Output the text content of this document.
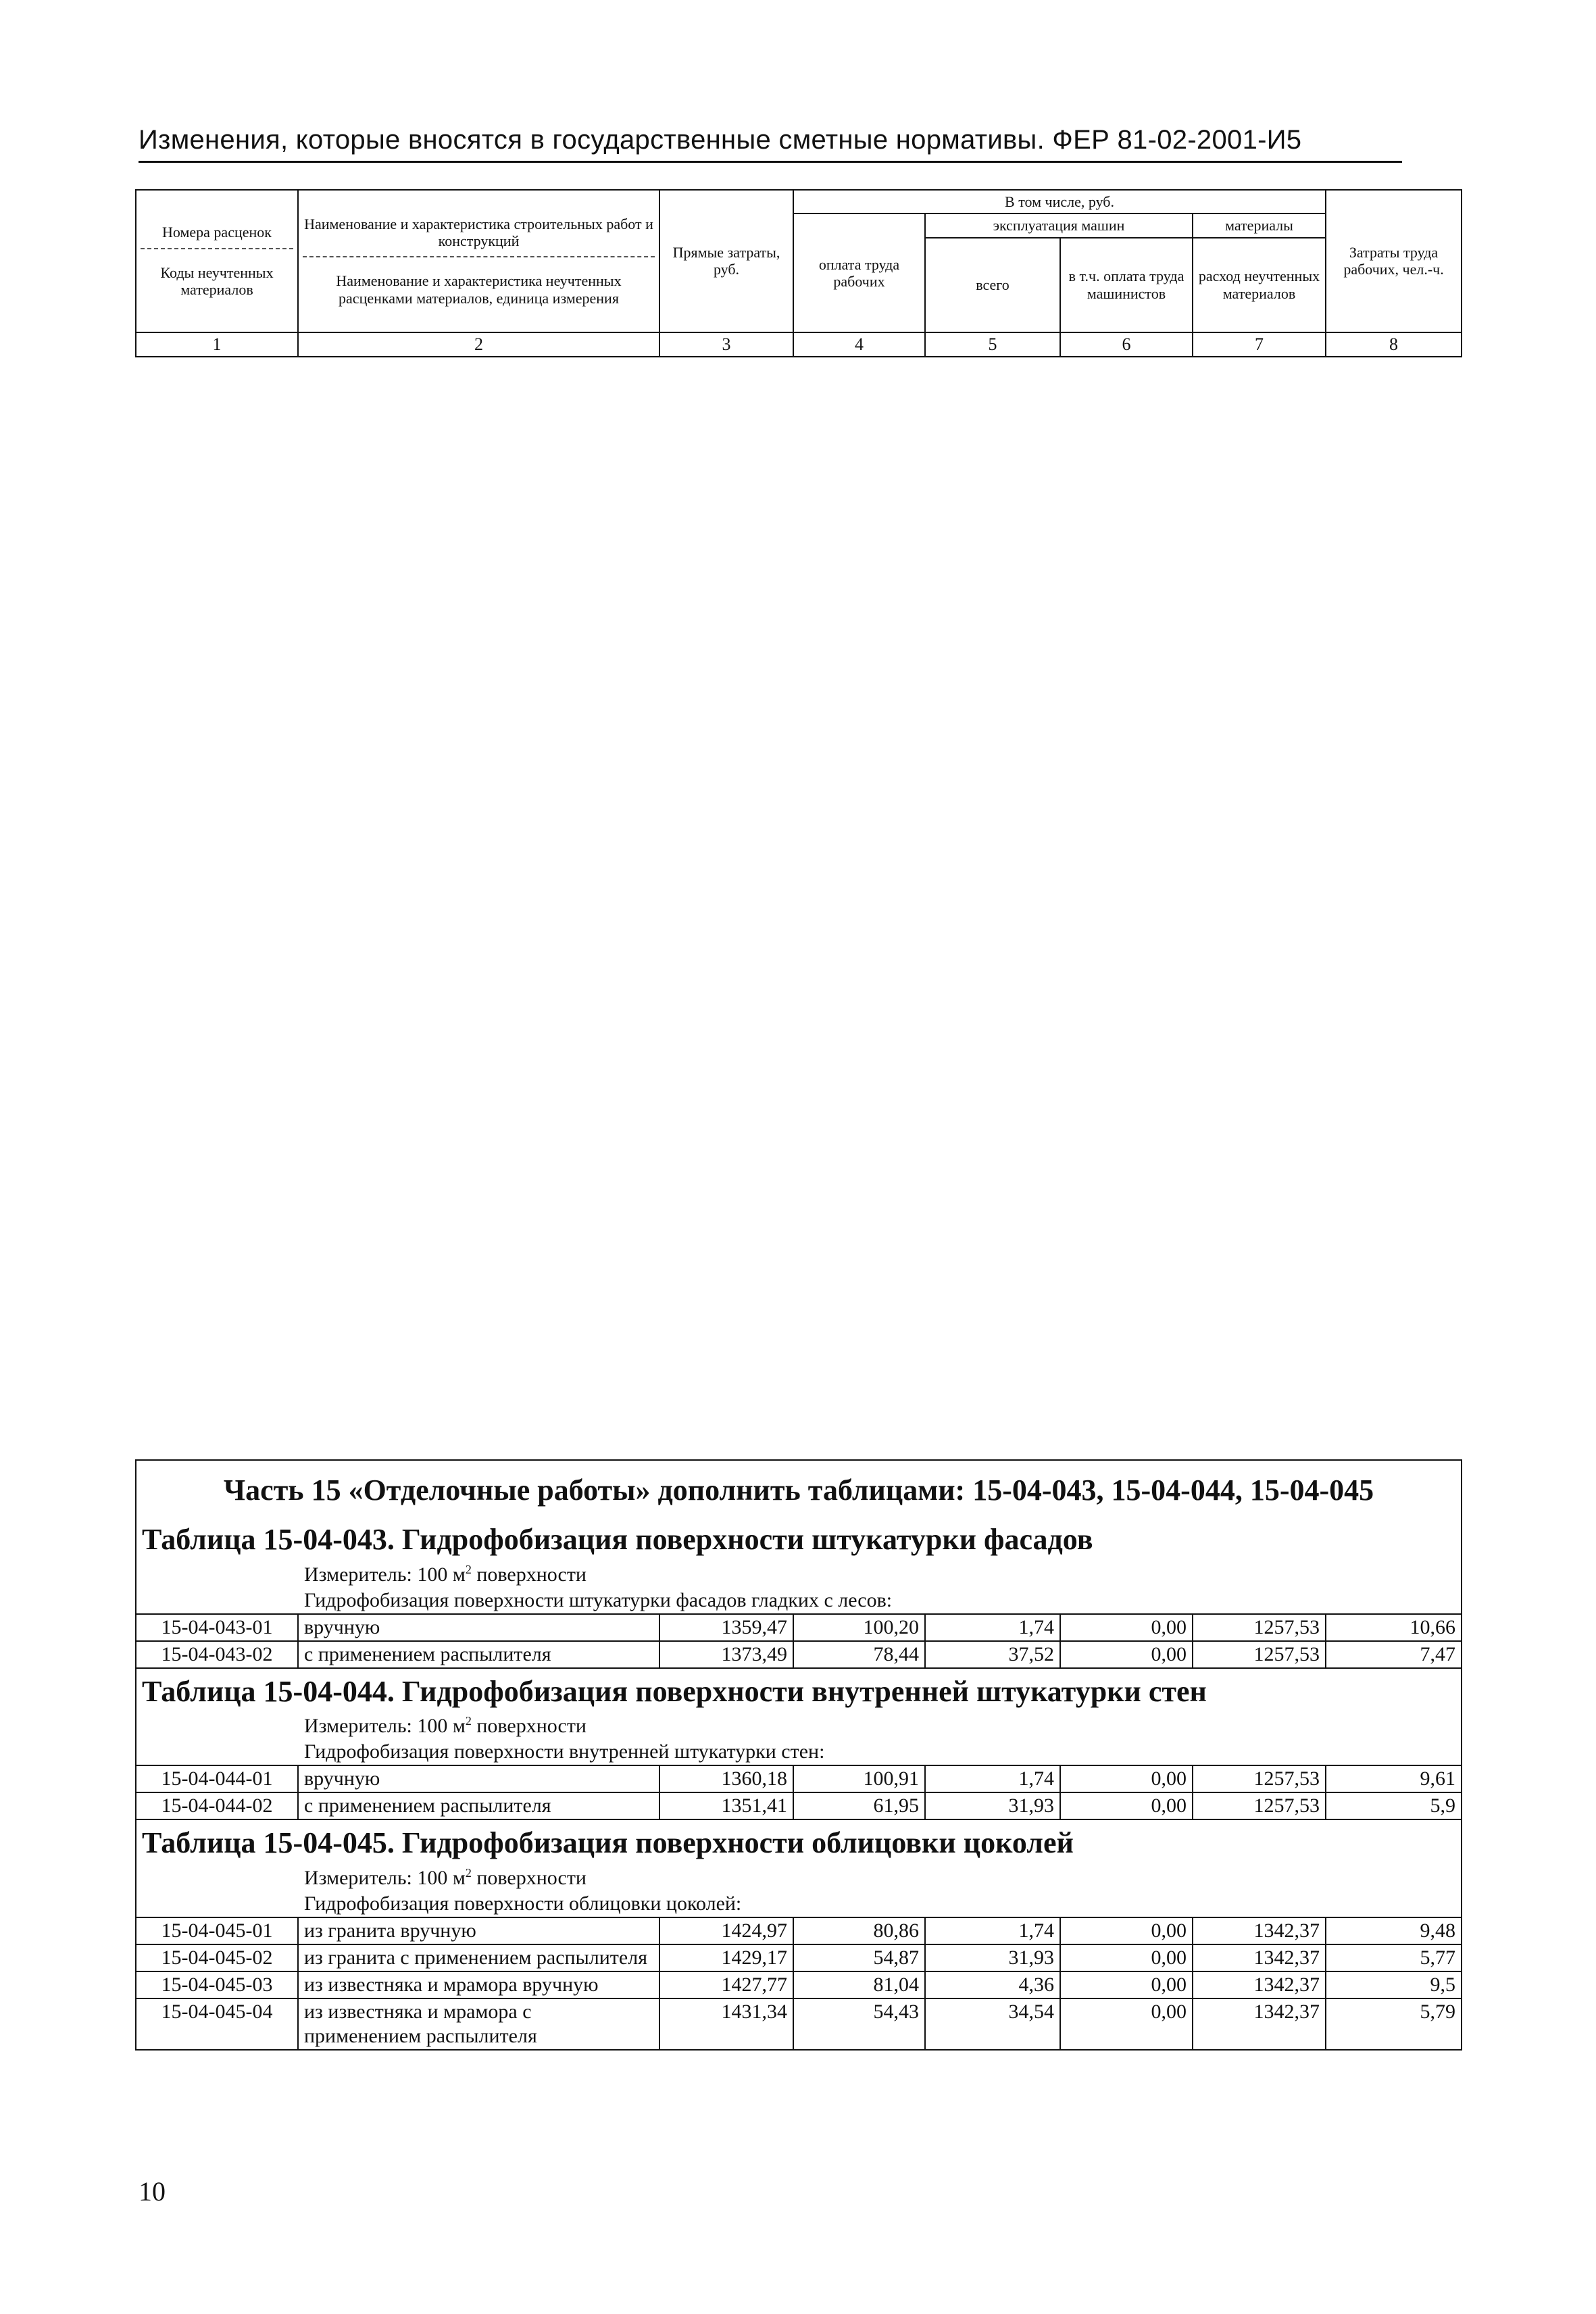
Изменения, которые вносятся в государственные сметные нормативы. ФЕР 81-02-2001-И5
Номера расценок
Коды неучтенных материалов	Наименование и характеристика строительных работ и конструкций
Наименование и характеристика неучтенных расценками материалов, единица измерения	Прямые затраты, руб.	В том числе, руб.				Затраты труда рабочих, чел.-ч.
			оплата труда рабочих	эксплуатация машин		материалы	
				всего	в т.ч. оплата труда машинистов	расход неучтенных материалов	
1	2	3	4	5	6	7	8
Часть 15 «Отделочные работы» дополнить таблицами: 15-04-043, 15-04-044, 15-04-045							
Таблица 15-04-043. Гидрофобизация поверхности штукатурки фасадов							
Измеритель: 100 $м^2$ поверхности							
Гидрофобизация поверхности штукатурки фасадов гладких с лесов:							
15-04-043-01	вручную	1359,47	100,20	1,74	0,00	1257,53	10,66
15-04-043-02	с применением распылителя	1373,49	78,44	37,52	0,00	1257,53	7,47
Таблица 15-04-044. Гидрофобизация поверхности внутренней штукатурки стен							
Измеритель: 100 $м^2$ поверхности							
Гидрофобизация поверхности внутренней штукатурки стен:							
15-04-044-01	вручную	1360,18	100,91	1,74	0,00	1257,53	9,61
15-04-044-02	с применением распылителя	1351,41	61,95	31,93	0,00	1257,53	5,9
Таблица 15-04-045. Гидрофобизация поверхности облицовки цоколей							
Измеритель: 100 $м^2$ поверхности							
Гидрофобизация поверхности облицовки цоколей:							
15-04-045-01	из гранита вручную	1424,97	80,86	1,74	0,00	1342,37	9,48
15-04-045-02	из гранита с применением распылителя	1429,17	54,87	31,93	0,00	1342,37	5,77
15-04-045-03	из известняка и мрамора вручную	1427,77	81,04	4,36	0,00	1342,37	9,5
15-04-045-04	из известняка и мрамора с применением распылителя	1431,34	54,43	34,54	0,00	1342,37	5,79
10
